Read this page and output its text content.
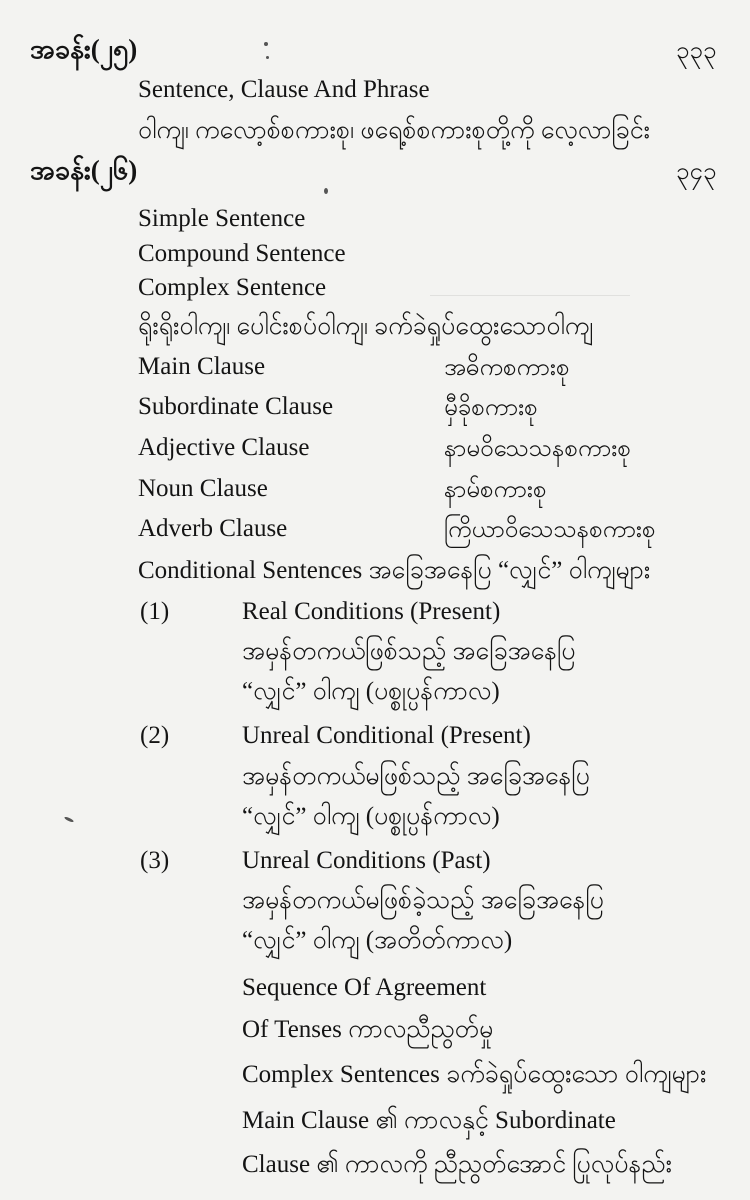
အခန်း(၂၅)	၃၃၃
Sentence, Clause And Phrase
ဝါကျ၊ ကလော့စ်စကားစု၊ ဖရေ့စ်စကားစုတို့ကို လေ့လာခြင်း
အခန်း(၂၆)	၃၄၃
Simple Sentence
Compound Sentence
Complex Sentence
ရိုးရိုးဝါကျ၊ ပေါင်းစပ်ဝါကျ၊ ခက်ခဲရှုပ်ထွေးသောဝါကျ
Main Clause	အဓိကစကားစု
Subordinate Clause	မှီခိုစကားစု
Adjective Clause	နာမဝိသေသနစကားစု
Noun Clause	နာမ်စကားစု
Adverb Clause	ကြိယာဝိသေသနစကားစု
Conditional Sentences အခြေအနေပြ “လျှင်” ဝါကျများ
(1)	Real Conditions (Present)
အမှန်တကယ်ဖြစ်သည့် အခြေအနေပြ
“လျှင်” ဝါကျ (ပစ္စုပ္ပန်ကာလ)
(2)	Unreal Conditional (Present)
အမှန်တကယ်မဖြစ်သည့် အခြေအနေပြ
“လျှင်” ဝါကျ (ပစ္စုပ္ပန်ကာလ)
(3)	Unreal Conditions (Past)
အမှန်တကယ်မဖြစ်ခဲ့သည့် အခြေအနေပြ
“လျှင်” ဝါကျ (အတိတ်ကာလ)
Sequence Of Agreement
Of Tenses ကာလညီညွတ်မှု
Complex Sentences ခက်ခဲရှုပ်ထွေးသော ဝါကျများ
Main Clause ၏ ကာလနှင့် Subordinate
Clause ၏ ကာလကို ညီညွတ်အောင် ပြုလုပ်နည်း
